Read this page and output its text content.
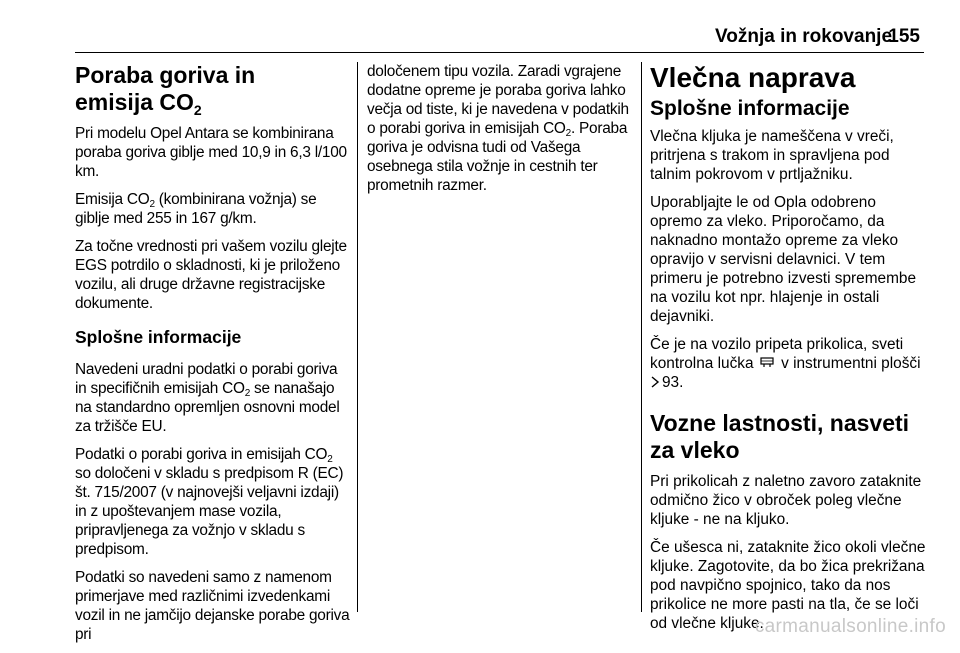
Vožnja in rokovanje
155
Poraba goriva in
emisija $CO_2$

Pri modelu Opel Antara se kombinirana poraba goriva giblje med 10,9 in 6,3 l/100 km.

Emisija $CO_2$ (kombinirana vožnja) se giblje med 255 in 167 g/km.

Za točne vrednosti pri vašem vozilu glejte EGS potrdilo o skladnosti, ki je priloženo vozilu, ali druge državne registracijske dokumente.

Splošne informacije

Navedeni uradni podatki o porabi goriva in specifičnih emisijah $CO_2$ se nanašajo na standardno opremljen osnovni model za tržišče EU.

Podatki o porabi goriva in emisijah $CO_2$ so določeni v skladu s predpisom R (EC) št. 715/2007 (v najnovejši veljavni izdaji) in z upoštevanjem mase vozila, pripravljenega za vožnjo v skladu s predpisom.

Podatki so navedeni samo z namenom primerjave med različnimi izvedenkami vozil in ne jamčijo dejanske porabe goriva pri

določenem tipu vozila. Zaradi vgrajene dodatne opreme je poraba goriva lahko večja od tiste, ki je navedena v podatkih o porabi goriva in emisijah $CO_2$. Poraba goriva je odvisna tudi od Vašega osebnega stila vožnje in cestnih ter prometnih razmer.

Vlečna naprava
Splošne informacije

Vlečna kljuka je nameščena v vreči, pritrjena s trakom in spravljena pod talnim pokrovom v prtljažniku.

Uporabljajte le od Opla odobreno opremo za vleko. Priporočamo, da naknadno montažo opreme za vleko opravijo v servisni delavnici. V tem primeru je potrebno izvesti spremembe na vozilu kot npr. hlajenje in ostali dejavniki.

Če je na vozilo pripeta prikolica, sveti kontrolna lučka v instrumentni plošči 93.

Vozne lastnosti, nasveti za vleko

Pri prikolicah z naletno zavoro zataknite odmično žico v obroček poleg vlečne kljuke - ne na kljuko.

Če ušesca ni, zataknite žico okoli vlečne kljuke. Zagotovite, da bo žica prekrižana pod navpično spojnico, tako da nos prikolice ne more pasti na tla, če se loči od vlečne kljuke.

carmanualsonline.info
